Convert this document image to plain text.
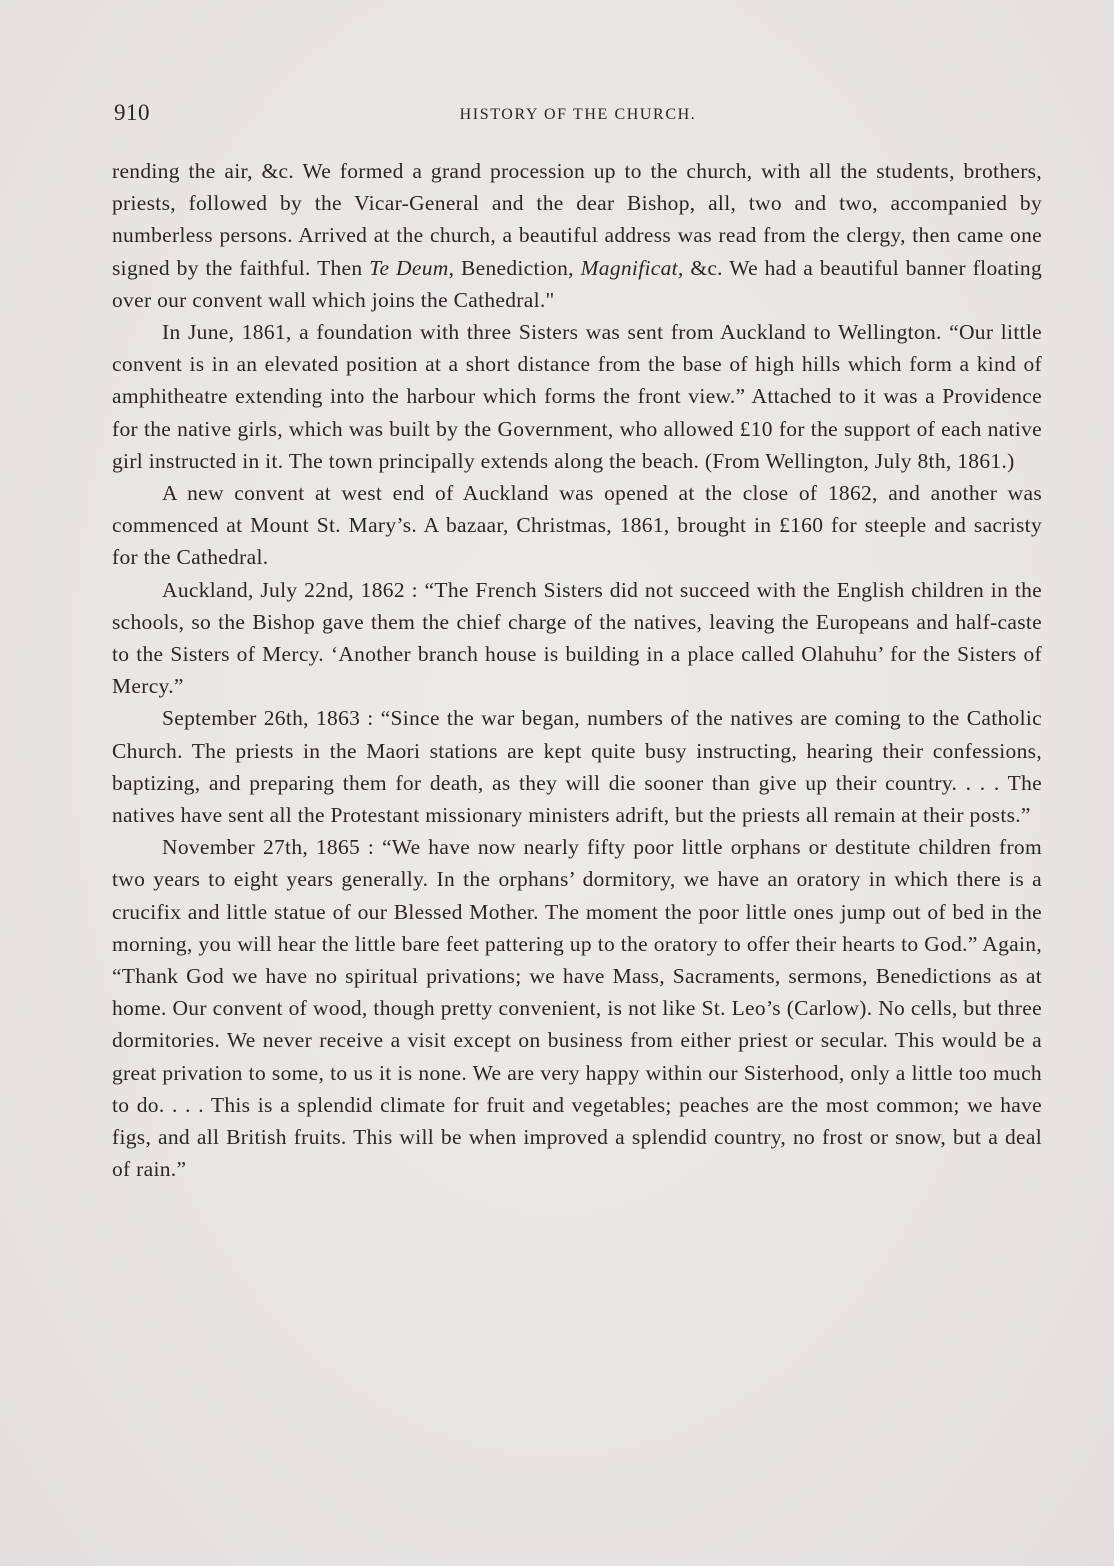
910	HISTORY OF THE CHURCH.

rending the air, &c. We formed a grand procession up to the church, with all the students, brothers, priests, followed by the Vicar-General and the dear Bishop, all, two and two, accompanied by numberless persons. Arrived at the church, a beautiful address was read from the clergy, then came one signed by the faithful. Then Te Deum, Benediction, Magnificat, &c. We had a beautiful banner floating over our convent wall which joins the Cathedral."

In June, 1861, a foundation with three Sisters was sent from Auckland to Wellington. “Our little convent is in an elevated position at a short distance from the base of high hills which form a kind of amphitheatre extending into the harbour which forms the front view.” Attached to it was a Providence for the native girls, which was built by the Government, who allowed £10 for the support of each native girl instructed in it. The town principally extends along the beach. (From Wellington, July 8th, 1861.)

A new convent at west end of Auckland was opened at the close of 1862, and another was commenced at Mount St. Mary’s. A bazaar, Christmas, 1861, brought in £160 for steeple and sacristy for the Cathedral.

Auckland, July 22nd, 1862 : “The French Sisters did not succeed with the English children in the schools, so the Bishop gave them the chief charge of the natives, leaving the Europeans and half-caste to the Sisters of Mercy. ‘Another branch house is building in a place called Olahuhu’ for the Sisters of Mercy.”

September 26th, 1863 : “Since the war began, numbers of the natives are coming to the Catholic Church. The priests in the Maori stations are kept quite busy instructing, hearing their confessions, baptizing, and preparing them for death, as they will die sooner than give up their country. . . . The natives have sent all the Protestant missionary ministers adrift, but the priests all remain at their posts.”

November 27th, 1865 : “We have now nearly fifty poor little orphans or destitute children from two years to eight years generally. In the orphans’ dormitory, we have an oratory in which there is a crucifix and little statue of our Blessed Mother. The moment the poor little ones jump out of bed in the morning, you will hear the little bare feet pattering up to the oratory to offer their hearts to God.” Again, “Thank God we have no spiritual privations; we have Mass, Sacraments, sermons, Benedictions as at home. Our convent of wood, though pretty convenient, is not like St. Leo’s (Carlow). No cells, but three dormitories. We never receive a visit except on business from either priest or secular. This would be a great privation to some, to us it is none. We are very happy within our Sisterhood, only a little too much to do. . . . This is a splendid climate for fruit and vegetables; peaches are the most common; we have figs, and all British fruits. This will be when improved a splendid country, no frost or snow, but a deal of rain.”
